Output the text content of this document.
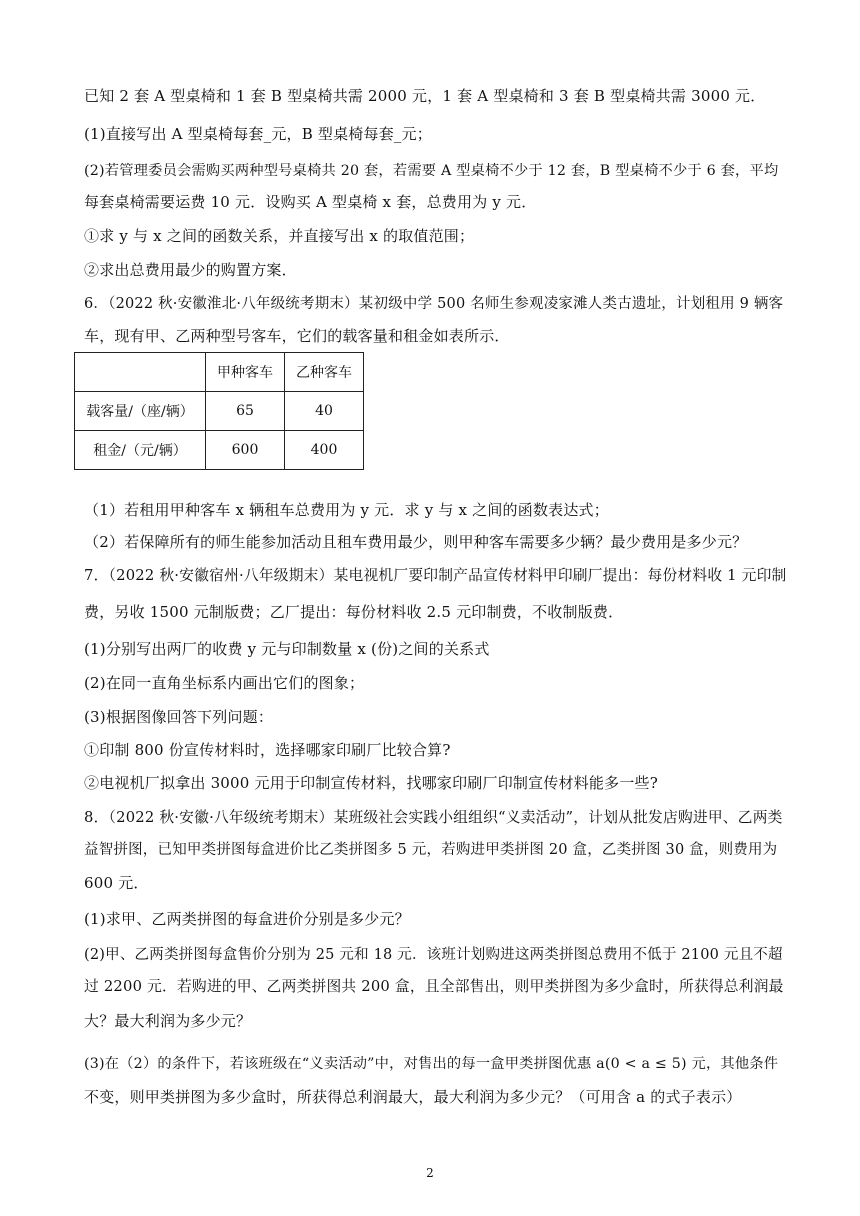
已知 2 套 A 型桌椅和 1 套 B 型桌椅共需 2000 元，1 套 A 型桌椅和 3 套 B 型桌椅共需 3000 元．
(1)直接写出 A 型桌椅每套_元，B 型桌椅每套_元；
(2)若管理委员会需购买两种型号桌椅共 20 套，若需要 A 型桌椅不少于 12 套，B 型桌椅不少于 6 套，平均
每套桌椅需要运费 10 元．设购买 A 型桌椅 x 套，总费用为 y 元．
①求 y 与 x 之间的函数关系，并直接写出 x 的取值范围；
②求出总费用最少的购置方案．
6．（2022 秋·安徽淮北·八年级统考期末）某初级中学 500 名师生参观凌家滩人类古遗址，计划租用 9 辆客
车，现有甲、乙两种型号客车，它们的载客量和租金如表所示．
	甲种客车	乙种客车
载客量/（座/辆）	65	40
租金/（元/辆）	600	400
（1）若租用甲种客车 x 辆租车总费用为 y 元．求 y 与 x 之间的函数表达式；
（2）若保障所有的师生能参加活动且租车费用最少，则甲种客车需要多少辆？最少费用是多少元？
7．（2022 秋·安徽宿州·八年级期末）某电视机厂要印制产品宣传材料甲印刷厂提出：每份材料收 1 元印制
费，另收 1500 元制版费；乙厂提出：每份材料收 2.5 元印制费，不收制版费．
(1)分别写出两厂的收费 y 元与印制数量 x (份)之间的关系式
(2)在同一直角坐标系内画出它们的图象；
(3)根据图像回答下列问题：
①印制 800 份宣传材料时，选择哪家印刷厂比较合算?
②电视机厂拟拿出 3000 元用于印制宣传材料，找哪家印刷厂印制宣传材料能多一些?
8．（2022 秋·安徽·八年级统考期末）某班级社会实践小组组织“义卖活动”，计划从批发店购进甲、乙两类
益智拼图，已知甲类拼图每盒进价比乙类拼图多 5 元，若购进甲类拼图 20 盒，乙类拼图 30 盒，则费用为
600 元．
(1)求甲、乙两类拼图的每盒进价分别是多少元？
(2)甲、乙两类拼图每盒售价分别为 25 元和 18 元．该班计划购进这两类拼图总费用不低于 2100 元且不超
过 2200 元．若购进的甲、乙两类拼图共 200 盒，且全部售出，则甲类拼图为多少盒时，所获得总利润最
大？最大利润为多少元？
(3)在（2）的条件下，若该班级在“义卖活动”中，对售出的每一盒甲类拼图优惠 a(0 < a ≤ 5) 元，其他条件
不变，则甲类拼图为多少盒时，所获得总利润最大，最大利润为多少元？（可用含 a 的式子表示）
2
